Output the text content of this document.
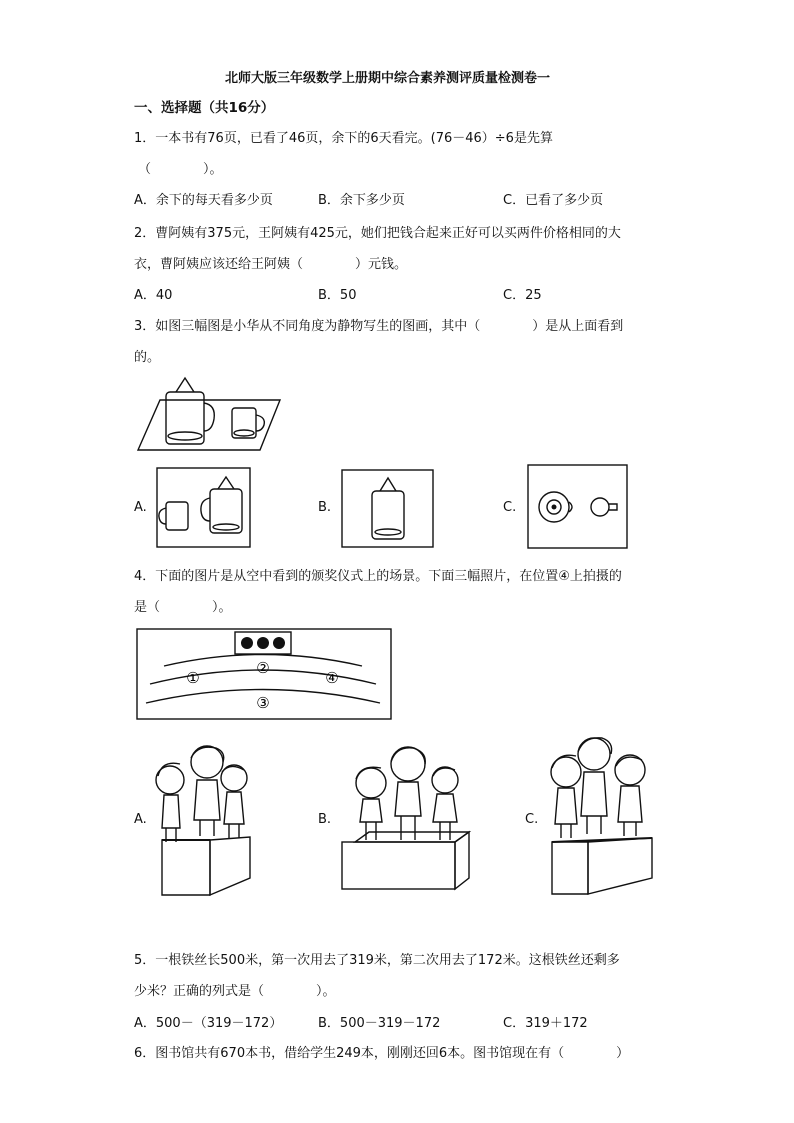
北师大版三年级数学上册期中综合素养测评质量检测卷一
一、选择题（共16分）
1．一本书有76页，已看了46页，余下的6天看完。(76－46）÷6是先算
（　　　　）。
A．余下的每天看多少页	B．余下多少页	C．已看了多少页
2．曹阿姨有375元，王阿姨有425元，她们把钱合起来正好可以买两件价格相同的大
衣，曹阿姨应该还给王阿姨（　　　　）元钱。
A．40	B．50	C．25
3．如图三幅图是小华从不同角度为静物写生的图画，其中（　　　　）是从上面看到
的。
A.	B.	C.
4．下面的图片是从空中看到的颁奖仪式上的场景。下面三幅照片，在位置④上拍摄的
是（　　　　）。
②
①	④
③
A.	B.	C.
5．一根铁丝长500米，第一次用去了319米，第二次用去了172米。这根铁丝还剩多
少米？正确的列式是（　　　　）。
A．500－（319－172）	B．500－319－172	C．319＋172
6．图书馆共有670本书，借给学生249本，刚刚还回6本。图书馆现在有（　　　　）
